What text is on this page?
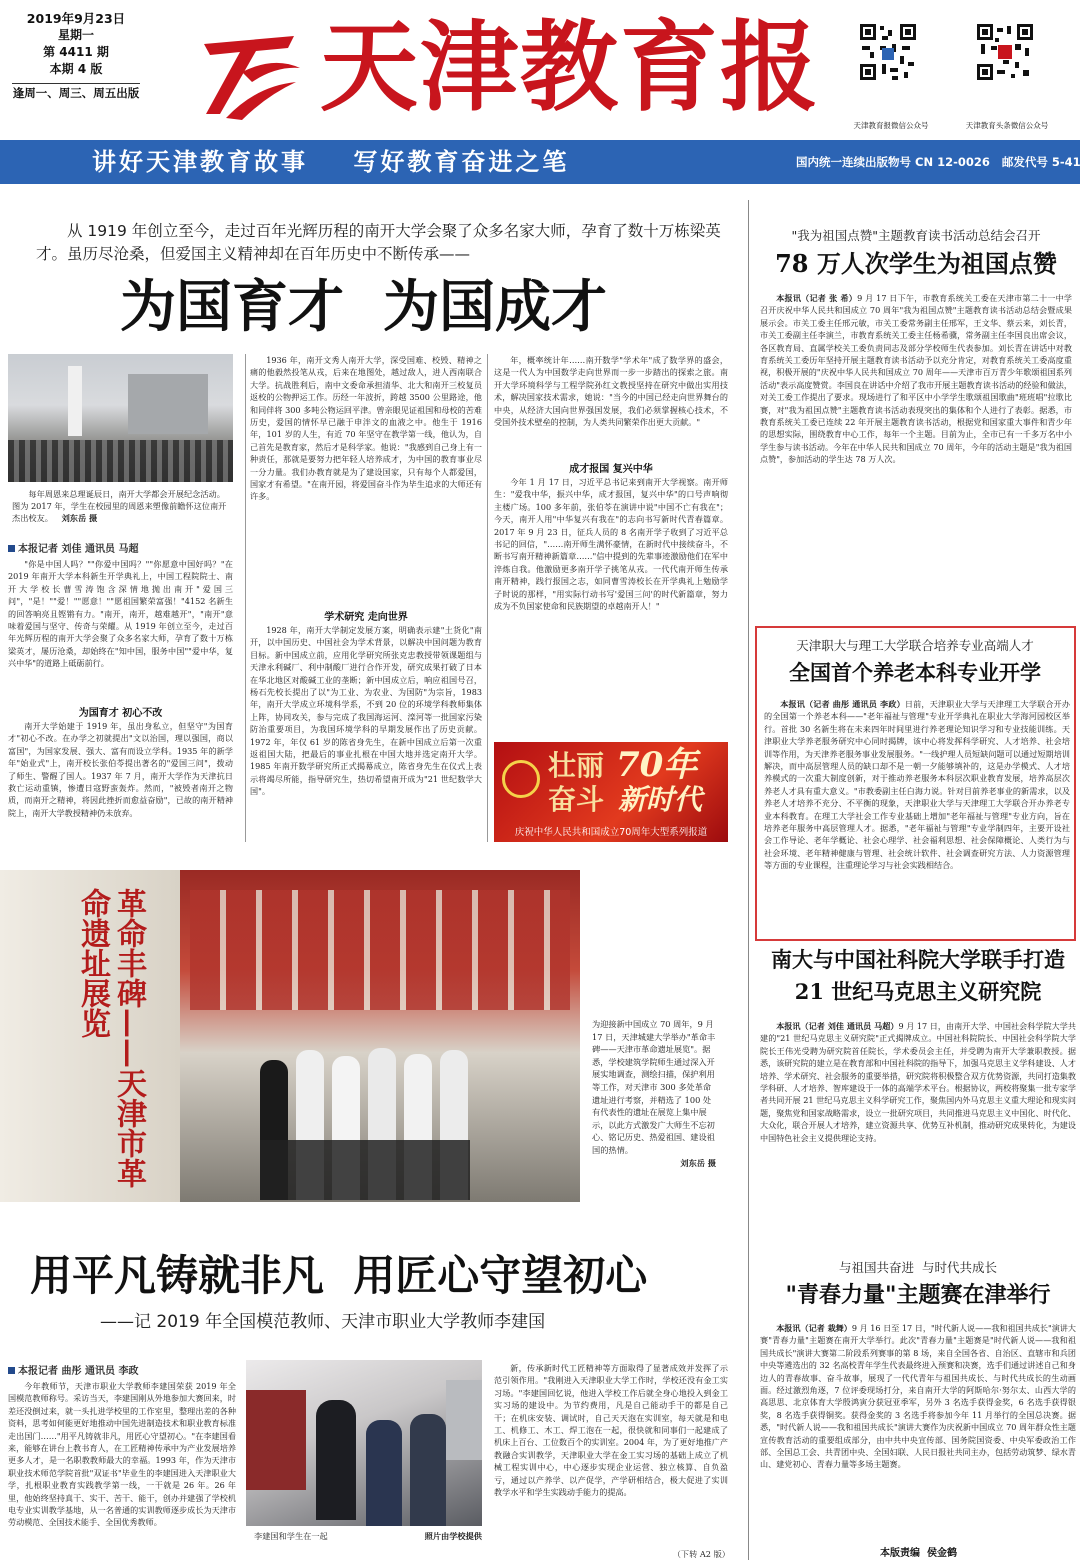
2019年9月23日
星期一
第 4411 期
本期 4 版
逢周一、周三、周五出版 天津教育报
天津教育报微信公众号	天津教育头条微信公众号
讲好天津教育故事    写好教育奋进之笔	国内统一连续出版物号 CN 12-0026   邮发代号 5-41
从 1919 年创立至今，走过百年光辉历程的南开大学会聚了众多名家大师，孕育了数十万栋梁英才。虽历尽沧桑，但爱国主义精神却在百年历史中不断传承——
为国育才  为国成才
每年周恩来总理诞辰日，南开大学都会开展纪念活动。图为 2017 年，学生在校园里的周恩来塑像前瞻怀这位南开杰出校友。 刘东岳 摄
本报记者 刘佳 通讯员 马超

"你是中国人吗？""你爱中国吗？""你愿意中国好吗？"在 2019 年南开大学本科新生开学典礼上，中国工程院院士、南开大学校长曹雪涛饱含深情地抛出南开"爱国三问"，"是！""爱！""愿意！""愿祖国繁荣富强！"4152 名新生的回答响亮且铿锵有力。"南开，南开，越难越开"，"南开"意味着爱国与坚守、传奇与荣耀。从 1919 年创立至今，走过百年光辉历程的南开大学会聚了众多名家大师，孕育了数十万栋梁英才，屡历沧桑，却始终在"知中国，服务中国""爱中华，复兴中华"的道路上砥砺前行。

为国育才 初心不改

南开大学始建于 1919 年，虽出身私立，但坚守"为国育才"初心不改。在办学之初就提出"文以治国，理以强国，商以富国"，为国家发展、强大、富有而设立学科。1935 年的新学年"始业式"上，南开校长张伯苓提出著名的"爱国三问"，拨动了师生、警醒了国人。1937 年 7 月，南开大学作为天津抗日救亡运动重镇，惨遭日寇野蛮轰炸。然而，"被毁者南开之物质，而南开之精神，将因此挫折而愈益奋励"，已故的南开精神院上，南开大学教授精神仍未放弃。

1936 年，南开文秀人南开大学，深受国难、校毁、精神之痛的他毅然投笔从戎，后来在地图处，越过敌人，进人西南联合大学。抗战胜利后，南中文委命承担清华、北大和南开三校复员返校的公物押运工作。历经一年波折，跨越 3500 公里路途，他和同伴将 300 多吨公物运回平津。曾亲眼见证祖国和母校的苦难历史，爱国的情怀早已融于申泮文的血液之中。他生于 1916 年，101 岁的人生，有近 70 年坚守在教学第一线，他认为，自己首先是教育家，然后才是科学家。他说："我感到自己身上有一种责任，那就是要努力把年轻人培养成才，为中国的教育事业尽一分力量。我们办教育就是为了建设国家，只有每个人都爱国，国家才有希望。"在南开园，将爱国奋斗作为毕生追求的大师还有许多。

学术研究 走向世界

1928 年，南开大学制定发展方案，明确表示建"土货化"南开，以中国历史、中国社会为学术背景，以解决中国问题为教育目标。新中国成立前，应用化学研究所张克忠教授带领课题组与天津永利碱厂、利中制酸厂进行合作开发，研究成果打破了日本在华北地区对酸碱工业的垄断；新中国成立后，响应祖国号召，杨石先校长提出了以"为工业、为农业、为国防"为宗旨，1983 年，南开大学成立环境科学系，不到 20 位的环境学科教师集体上阵，协同攻关，参与完成了我国海运河、滦河等一批国家污染防治重要项目，为我国环境学科的早期发展作出了历史贡献。1972 年，年仅 61 岁的陈省身先生，在新中国成立后第一次重返祖国大陆，把最后的事业扎根在中国大地并选定南开大学。1985 年南开数学研究所正式揭幕成立，陈省身先生在仪式上表示将竭尽所能，指导研究生，热切希望南开成为"21 世纪数学大国"。

年，概率统计年……南开数学"学术年"成了数学界的盛会，这是一代人为中国数学走向世界而一步一步踏出的探索之旅。南开大学环境科学与工程学院孙红文教授坚持在研究中做出实用技术，解决国家技术需求，她说："当今的中国已经走向世界舞台的中央，从经济大国向世界强国发展，我们必须掌握核心技术，不受国外技术壁垒的控制，为人类共同繁荣作出更大贡献。"

成才报国 复兴中华

今年 1 月 17 日，习近平总书记来到南开大学视察。南开师生："爱我中华，振兴中华，成才报国，复兴中华"的口号声响彻主楼广场。100 多年前，张伯苓在演讲中说"中国不亡有我在"；今天，南开人用"中华复兴有我在"的志向书写新时代青春篇章。2017 年 9 月 23 日，征兵人员的 8 名南开学子收到了习近平总书记的回信，"……南开师生满怀豪情，在新时代中接续奋斗，不断书写南开精神新篇章……"信中提到的先辈事迹激励他们在军中淬炼自我。他激励更多南开学子挑笔从戎。一代代南开师生传承南开精神，践行报国之志，如同曹雪涛校长在开学典礼上勉励学子时说的那样，"用实际行动书写'爱国三问'的时代新篇章，努力成为不负国家使命和民族期望的卓越南开人！"

壮丽
奋斗
70年
新时代
庆祝中华人民共和国成立70周年大型系列报道
"我为祖国点赞"主题教育读书活动总结会召开
78 万人次学生为祖国点赞

本报讯（记者 张 希）9 月 17 日下午，市教育系统关工委在天津市第二十一中学召开庆祝中华人民共和国成立 70 周年"我为祖国点赞"主题教育读书活动总结会暨成果展示会。市关工委主任邢元敏，市关工委常务副主任邢军，王文华、蔡云来，刘长青，市关工委副主任李演兰，市教育系统关工委主任杨希骥，常务副主任李国良出席会议，各区教育局、直属学校关工委负责同志及部分学校师生代表参加。刘长青在讲话中对教育系统关工委历年坚持开展主题教育读书活动予以充分肯定，对教育系统关工委高度重视，积极开展的"庆祝中华人民共和国成立 70 周年——天津市百万青少年歌颂祖国系列活动"表示高度赞赏。李国良在讲话中介绍了我市开展主题教育读书活动的经验和做法，对关工委工作提出了要求。现场进行了和平区中小学学生歌颂祖国歌曲"班班唱"拉歌比赛，对"我为祖国点赞"主题教育读书活动表现突出的集体和个人进行了表彰。据悉，市教育系统关工委已连续 22 年开展主题教育读书活动，根据党和国家重大事件和青少年的思想实际，围绕教育中心工作，每年一个主题。目前为止，全市已有一千多万名中小学生参与读书活动。今年在中华人民共和国成立 70 周年，今年的活动主题是"我为祖国点赞"，参加活动的学生达 78 万人次。

天津职大与理工大学联合培养专业高端人才
全国首个养老本科专业开学

本报讯（记者 曲彤 通讯员 李政）日前，天津职业大学与天津理工大学联合开办的全国第一个养老本科——"老年福祉与管理"专业开学典礼在职业大学海河园校区举行。首批 30 名新生将在未来四年时间里进行养老理论知识学习和专业技能训练。天津职业大学养老服务研究中心同时揭牌，该中心将发挥科学研究、人才培养、社会培训等作用，为天津养老服务事业发展服务。"一线护理人员短缺问题可以通过短期培训解决，而中高层管理人员的缺口却不是一朝一夕能够填补的，这是办学模式、人才培养模式的一次重大制度创新，对于推动养老服务本科层次职业教育发展，培养高层次养老人才具有重大意义。"市教委副主任白海力说。针对目前养老事业的新需求，以及养老人才培养不充分、不平衡的现象，天津职业大学与天津理工大学联合开办养老专业本科教育。在理工大学社会工作专业基础上增加"老年福祉与管理"专业方向，旨在培养老年服务中高层管理人才。据悉，"老年福祉与管理"专业学制四年，主要开设社会工作导论、老年学概论、社会心理学、社会福利思想、社会保障概论、人类行为与社会环境、老年精神健康与管理、社会统计软件、社会调查研究方法、人力资源管理等方面的专业课程，注重理论学习与社会实践相结合。

南大与中国社科院大学联手打造
21 世纪马克思主义研究院

本报讯（记者 刘佳 通讯员 马超）9 月 17 日，由南开大学、中国社会科学院大学共建的"21 世纪马克思主义研究院"正式揭牌成立。中国社科院院长、中国社会科学院大学院长王伟光受聘为研究院首任院长，学术委员会主任，并受聘为南开大学兼职教授。据悉，该研究院的建立是在教育部和中国社科院的指导下，加强马克思主义学科建设、人才培养、学术研究、社会服务的重要举措，研究院将积极整合双方优势资源，共同打造集教学科研、人才培养、智库建设于一体的高端学术平台。根据协议，两校将聚集一批专家学者共同开展 21 世纪马克思主义科学研究工作，聚焦国内外马克思主义重大理论和现实问题，聚焦党和国家战略需求，设立一批研究项目，共同推进马克思主义中国化、时代化、大众化，联合开展人才培养，建立资源共享、优势互补机制，推动研究成果转化，为建设中国特色社会主义提供理论支持。

与祖国共奋进  与时代共成长
"青春力量"主题赛在津举行

本报讯（记者 栽舞）9 月 16 日至 17 日，"时代新人说——我和祖国共成长"演讲大赛"青春力量"主题赛在南开大学举行。此次"青春力量"主题赛是"时代新人说——我和祖国共成长"演讲大赛第二阶段系列赛事的第 8 场，来自全国各省、自治区、直辖市和兵团中央等遴选出的 32 名高校青年学生代表最终进入预赛和决赛，选手们通过讲述自己和身边人的青春故事、奋斗故事，展现了一代代青年与祖国共成长、与时代共成长的生动画面。经过激烈角逐，7 位评委现场打分，来自南开大学的阿斯哈尔·努尔太、山西大学的高思思、北京体育大学殷鸿寅分获冠亚季军，另外 3 名选手获得金奖，6 名选手获得银奖，8 名选手获得铜奖。获得金奖的 3 名选手将参加今年 11 月举行的全国总决赛。据悉，"时代新人说——我和祖国共成长"演讲大赛作为庆祝新中国成立 70 周年群众性主题宣传教育活动的重要组成部分，由中共中央宣传部、国务院国资委、中央军委政治工作部、全国总工会、共青团中央、全国妇联、人民日报社共同主办，包括劳动筑梦、绿水青山、建党初心、青春力量等多场主题赛。

本版责编  侯金鹤
革命丰碑——天津市革命遗址展览	为迎接新中国成立 70 周年，9 月 17 日，天津城建大学举办"革命丰碑——天津市革命遗址展览"。据悉，学校建筑学院师生通过深入开展实地调查，测绘扫描，保护利用等工作，对天津市 300 多处革命遗址进行考察，并精选了 100 处有代表性的遗址在展览上集中展示，以此方式激发广大师生不忘初心、铭记历史、热爱祖国、建设祖国的热情。

刘东岳 摄
用平凡铸就非凡  用匠心守望初心
——记 2019 年全国模范教师、天津市职业大学教师李建国
本报记者 曲彤 通讯员 李政

今年教师节，天津市职业大学教师李建国荣获 2019 年全国模范教师称号。采访当天，李建国刚从外地参加大赛回来，时差还没倒过来，就一头扎进学校里的工作室里，整理出差的各种资料，思考如何能更好地推动中国先进制造技术和职业教育标准走出国门……"用平凡铸就非凡，用匠心守望初心。"在李建国看来，能够在讲台上教书育人，在工匠精神传承中为产业发展培养更多人才，是一名职教教师最大的幸福。1993 年，作为天津市职业技术师范学院首批"双证书"毕业生的李建国进入天津职业大学，扎根职业教育实践教学第一线，一干就是 26 年。26 年里，他始终坚持真干、实干、苦干、能干，创办并建强了学校机电专业实训教学基地，从一名普通的实训教师逐步成长为天津市劳动模范、全国技术能手、全国优秀教师。

李建国和学生在一起	照片由学校提供

新，传承新时代工匠精神等方面取得了显著成效并发挥了示范引领作用。"我刚进入天津职业大学工作时，学校还没有金工实习场。"李建国回忆说，他进入学校工作后就全身心地投入到金工实习场的建设中。为节约费用，凡是自己能动手干的都是自己干；在机床安装、调试时，自己天天泡在实训室，每天就是和电工、机修工、木工、焊工泡在一起，很快就和同事们一起建成了机床上百台、工位数百个的实训室。2004 年，为了更好地推广产教融合实训教学，天津职业大学在金工实习场的基础上成立了机械工程实训中心，中心逐步实现企业运营、独立核算、自负盈亏，通过以产养学、以产促学，产学研相结合，极大促进了实训教学水平和学生实践动手能力的提高。

（下转 A2 版）
